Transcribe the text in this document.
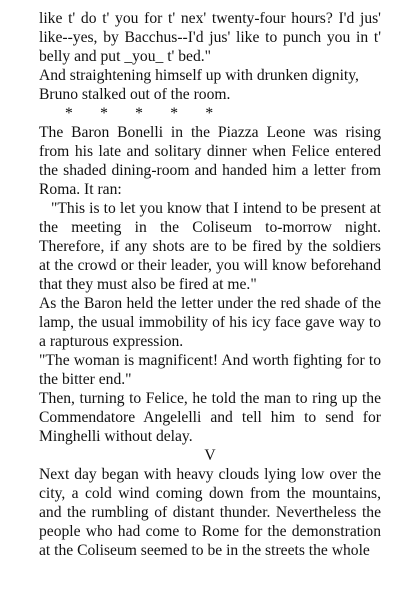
like t' do t' you for t' nex' twenty-four hours? I'd jus' like--yes, by Bacchus--I'd jus' like to punch you in t' belly and put _you_ t' bed."

And straightening himself up with drunken dignity, Bruno stalked out of the room.

*       *       *       *       *

The Baron Bonelli in the Piazza Leone was rising from his late and solitary dinner when Felice entered the shaded dining-room and handed him a letter from Roma. It ran:

"This is to let you know that I intend to be present at the meeting in the Coliseum to-morrow night. Therefore, if any shots are to be fired by the soldiers at the crowd or their leader, you will know beforehand that they must also be fired at me."

As the Baron held the letter under the red shade of the lamp, the usual immobility of his icy face gave way to a rapturous expression.

"The woman is magnificent! And worth fighting for to the bitter end."

Then, turning to Felice, he told the man to ring up the Commendatore Angelelli and tell him to send for Minghelli without delay.

V

Next day began with heavy clouds lying low over the city, a cold wind coming down from the mountains, and the rumbling of distant thunder. Nevertheless the people who had come to Rome for the demonstration at the Coliseum seemed to be in the streets the whole
